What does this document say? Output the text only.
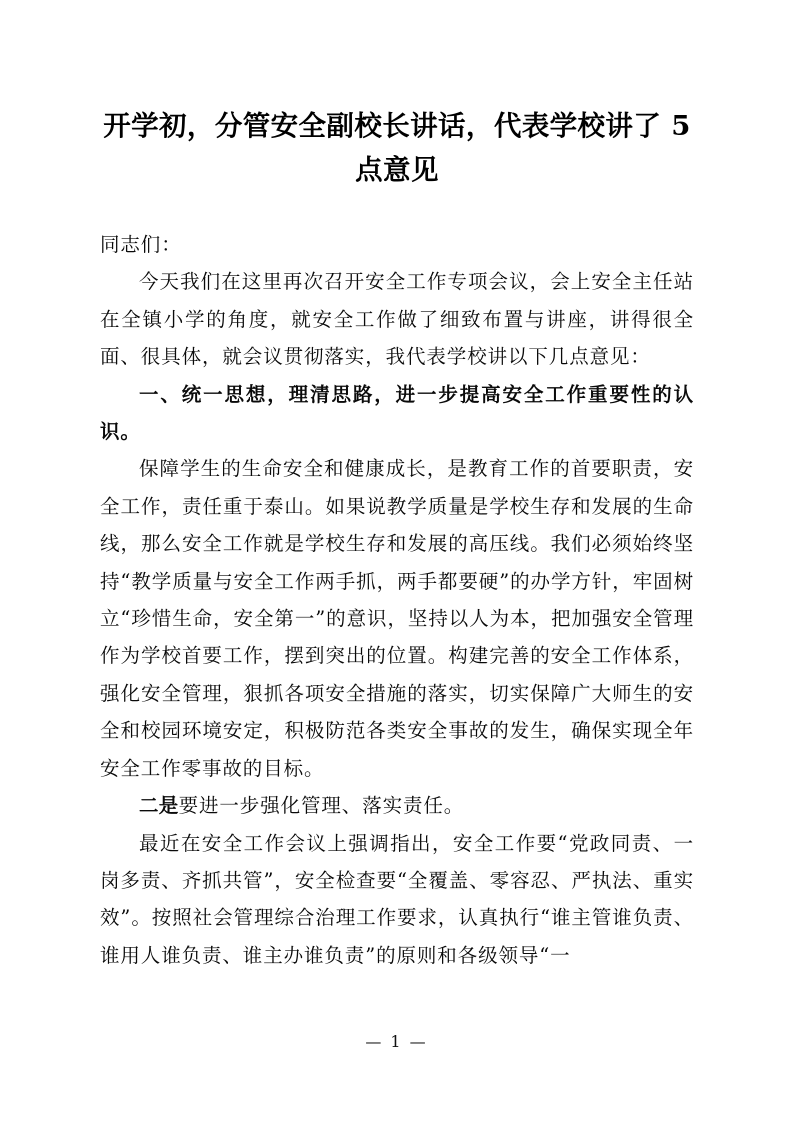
开学初，分管安全副校长讲话，代表学校讲了 5 点意见

同志们：

今天我们在这里再次召开安全工作专项会议，会上安全主任站在全镇小学的角度，就安全工作做了细致布置与讲座，讲得很全面、很具体，就会议贯彻落实，我代表学校讲以下几点意见：

一、统一思想，理清思路，进一步提高安全工作重要性的认识。

保障学生的生命安全和健康成长，是教育工作的首要职责，安全工作，责任重于泰山。如果说教学质量是学校生存和发展的生命线，那么安全工作就是学校生存和发展的高压线。我们必须始终坚持“教学质量与安全工作两手抓，两手都要硬”的办学方针，牢固树立“珍惜生命，安全第一”的意识，坚持以人为本，把加强安全管理作为学校首要工作，摆到突出的位置。构建完善的安全工作体系，强化安全管理，狠抓各项安全措施的落实，切实保障广大师生的安全和校园环境安定，积极防范各类安全事故的发生，确保实现全年安全工作零事故的目标。

二是要进一步强化管理、落实责任。

最近在安全工作会议上强调指出，安全工作要“党政同责、一岗多责、齐抓共管”，安全检查要“全覆盖、零容忍、严执法、重实效”。按照社会管理综合治理工作要求，认真执行“谁主管谁负责、谁用人谁负责、谁主办谁负责”的原则和各级领导“一

— 1 —
